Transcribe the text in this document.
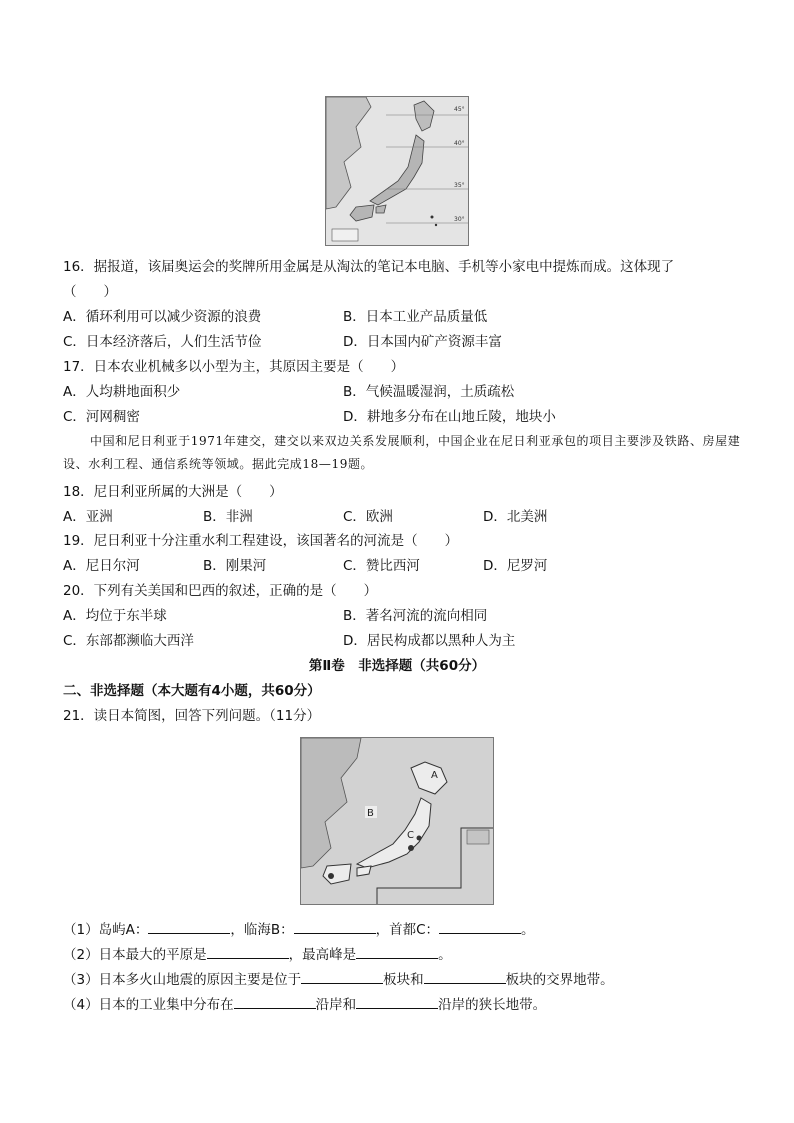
45°
40°
35°
30°
16．据报道，该届奥运会的奖牌所用金属是从淘汰的笔记本电脑、手机等小家电中提炼而成。这体现了
（　　）
A．循环利用可以减少资源的浪费	B．日本工业产品质量低
C．日本经济落后，人们生活节俭	D．日本国内矿产资源丰富
17．日本农业机械多以小型为主，其原因主要是（　　）
A．人均耕地面积少	B．气候温暖湿润，土质疏松
C．河网稠密	D．耕地多分布在山地丘陵，地块小
中国和尼日利亚于1971年建交，建交以来双边关系发展顺利，中国企业在尼日利亚承包的项目主要涉及铁路、房屋建设、水利工程、通信系统等领域。据此完成18—19题。
18．尼日利亚所属的大洲是（　　）
A．亚洲	B．非洲	C．欧洲	D．北美洲
19．尼日利亚十分注重水利工程建设，该国著名的河流是（　　）
A．尼日尔河	B．刚果河	C．赞比西河	D．尼罗河
20．下列有关美国和巴西的叙述，正确的是（　　）
A．均位于东半球	B．著名河流的流向相同
C．东部都濒临大西洋	D．居民构成都以黑种人为主
第Ⅱ卷　非选择题（共60分）
二、非选择题（本大题有4小题，共60分）
21．读日本简图，回答下列问题。（11分）
A
B
C
（1）岛屿A：	，临海B：	，首都C：	。
（2）日本最大的平原是	，最高峰是	。
（3）日本多火山地震的原因主要是位于	板块和	板块的交界地带。
（4）日本的工业集中分布在	沿岸和	沿岸的狭长地带。
